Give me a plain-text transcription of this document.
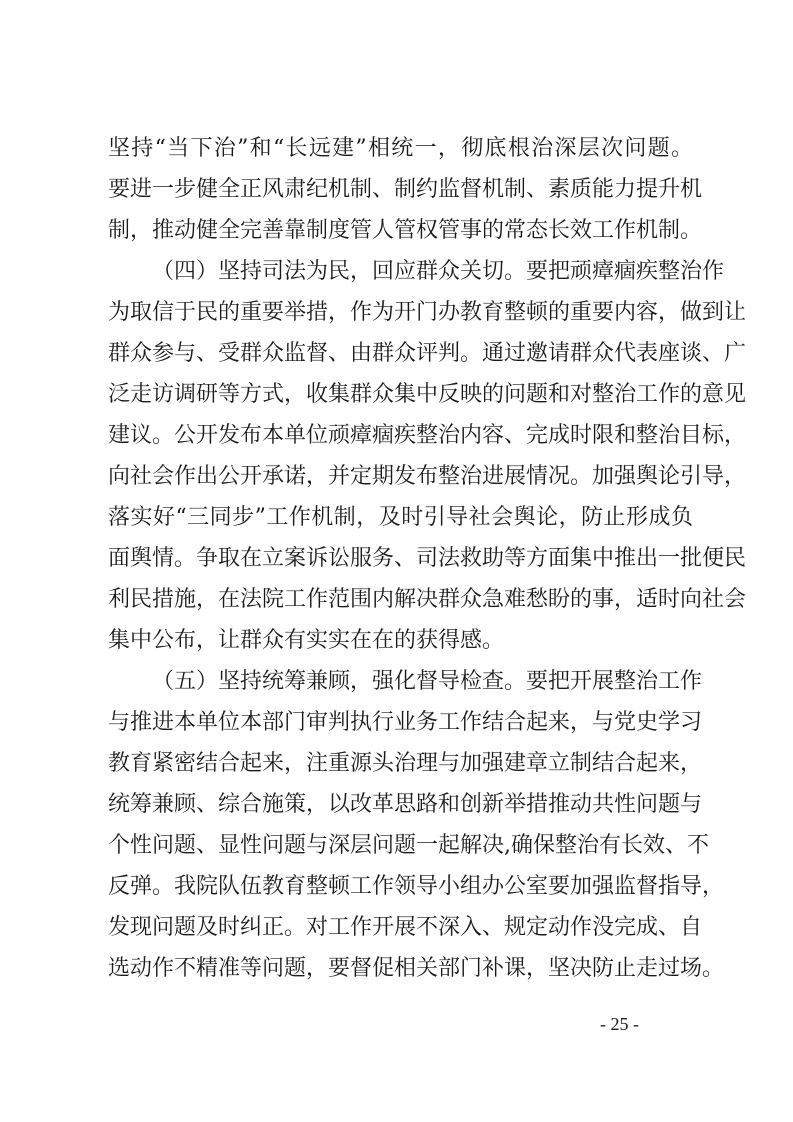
坚持“当下治”和“长远建”相统一，彻底根治深层次问题。
要进一步健全正风肃纪机制、制约监督机制、素质能力提升机
制，推动健全完善靠制度管人管权管事的常态长效工作机制。
（四）坚持司法为民，回应群众关切。要把顽瘴痼疾整治作
为取信于民的重要举措，作为开门办教育整顿的重要内容，做到让
群众参与、受群众监督、由群众评判。通过邀请群众代表座谈、广
泛走访调研等方式，收集群众集中反映的问题和对整治工作的意见
建议。公开发布本单位顽瘴痼疾整治内容、完成时限和整治目标，
向社会作出公开承诺，并定期发布整治进展情况。加强舆论引导，
落实好“三同步”工作机制，及时引导社会舆论，防止形成负
面舆情。争取在立案诉讼服务、司法救助等方面集中推出一批便民
利民措施，在法院工作范围内解决群众急难愁盼的事，适时向社会
集中公布，让群众有实实在在的获得感。
（五）坚持统筹兼顾，强化督导检查。要把开展整治工作
与推进本单位本部门审判执行业务工作结合起来，与党史学习
教育紧密结合起来，注重源头治理与加强建章立制结合起来，
统筹兼顾、综合施策，以改革思路和创新举措推动共性问题与
个性问题、显性问题与深层问题一起解决,确保整治有长效、不
反弹。我院队伍教育整顿工作领导小组办公室要加强监督指导，
发现问题及时纠正。对工作开展不深入、规定动作没完成、自
选动作不精准等问题，要督促相关部门补课，坚决防止走过场。
- 25 -
